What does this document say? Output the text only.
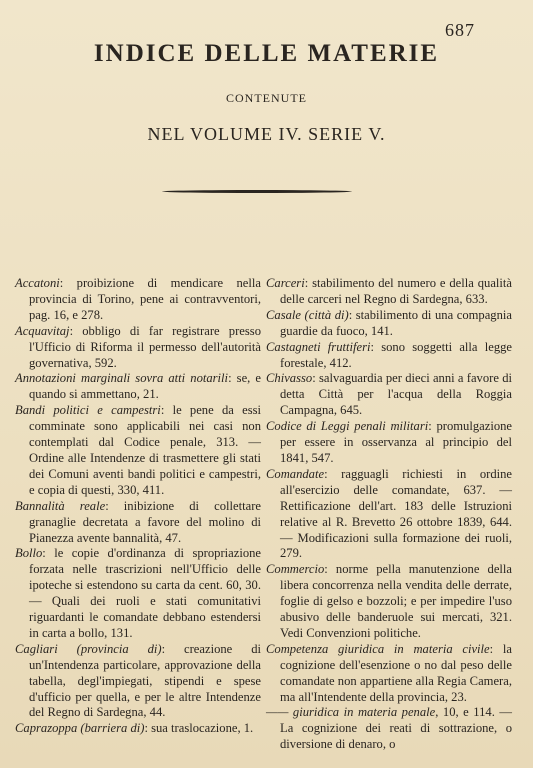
687
INDICE DELLE MATERIE
CONTENUTE
NEL VOLUME IV. SERIE V.

Accatoni: proibizione di mendicare nella provincia di Torino, pene ai contravventori, pag. 16, e 278.

Acquavitaj: obbligo di far registrare presso l'Ufficio di Riforma il permesso dell'autorità governativa, 592.

Annotazioni marginali sovra atti notarili: se, e quando si ammettano, 21.

Bandi politici e campestri: le pene da essi comminate sono applicabili nei casi non contemplati dal Codice penale, 313. — Ordine alle Intendenze di trasmettere gli stati dei Comuni aventi bandi politici e campestri, e copia di questi, 330, 411.

Bannalità reale: inibizione di collettare granaglie decretata a favore del molino di Pianezza avente bannalità, 47.

Bollo: le copie d'ordinanza di spropriazione forzata nelle trascrizioni nell'Ufficio delle ipoteche si estendono su carta da cent. 60, 30. — Quali dei ruoli e stati comunitativi riguardanti le comandate debbano estendersi in carta a bollo, 131.

Cagliari (provincia di): creazione di un'Intendenza particolare, approvazione della tabella, degl'impiegati, stipendi e spese d'ufficio per quella, e per le altre Intendenze del Regno di Sardegna, 44.

Caprazoppa (barriera di): sua traslocazione, 1.

Carceri: stabilimento del numero e della qualità delle carceri nel Regno di Sardegna, 633.

Casale (città di): stabilimento di una compagnia guardie da fuoco, 141.

Castagneti fruttiferi: sono soggetti alla legge forestale, 412.

Chivasso: salvaguardia per dieci anni a favore di detta Città per l'acqua della Roggia Campagna, 645.

Codice di Leggi penali militari: promulgazione per essere in osservanza al principio del 1841, 547.

Comandate: ragguagli richiesti in ordine all'esercizio delle comandate, 637. — Rettificazione dell'art. 183 delle Istruzioni relative al R. Brevetto 26 ottobre 1839, 644. — Modificazioni sulla formazione dei ruoli, 279.

Commercio: norme pella manutenzione della libera concorrenza nella vendita delle derrate, foglie di gelso e bozzoli; e per impedire l'uso abusivo delle banderuole sui mercati, 321. Vedi Convenzioni politiche.

Competenza giuridica in materia civile: la cognizione dell'esenzione o no dal peso delle comandate non appartiene alla Regia Camera, ma all'Intendente della provincia, 23.

—— giuridica in materia penale, 10, e 114. — La cognizione dei reati di sottrazione, o diversione di denaro, o
